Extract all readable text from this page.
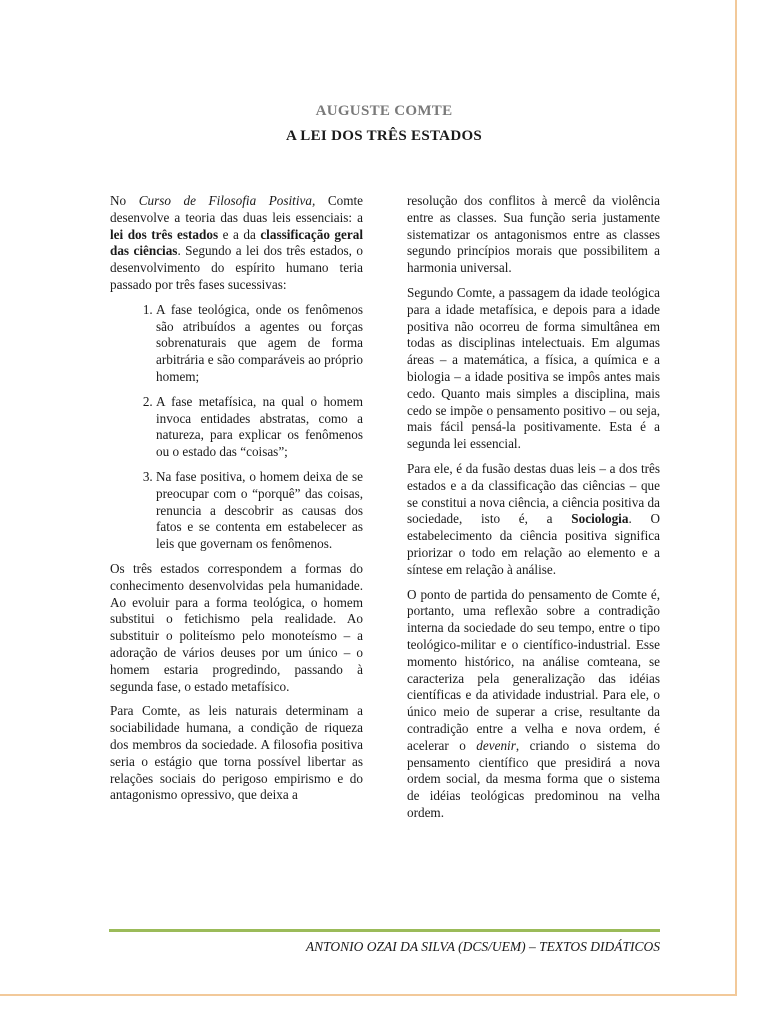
AUGUSTE COMTE
A LEI DOS TRÊS ESTADOS

No Curso de Filosofia Positiva, Comte desenvolve a teoria das duas leis essenciais: a lei dos três estados e a da classificação geral das ciências. Segundo a lei dos três estados, o desenvolvimento do espírito humano teria passado por três fases sucessivas:

1. A fase teológica, onde os fenômenos são atribuídos a agentes ou forças sobrenaturais que agem de forma arbitrária e são comparáveis ao próprio homem;
2. A fase metafísica, na qual o homem invoca entidades abstratas, como a natureza, para explicar os fenômenos ou o estado das “coisas”;
3. Na fase positiva, o homem deixa de se preocupar com o “porquê” das coisas, renuncia a descobrir as causas dos fatos e se contenta em estabelecer as leis que governam os fenômenos.

Os três estados correspondem a formas do conhecimento desenvolvidas pela humanidade. Ao evoluir para a forma teológica, o homem substitui o fetichismo pela realidade. Ao substituir o politeísmo pelo monoteísmo – a adoração de vários deuses por um único – o homem estaria progredindo, passando à segunda fase, o estado metafísico.

Para Comte, as leis naturais determinam a sociabilidade humana, a condição de riqueza dos membros da sociedade. A filosofia positiva seria o estágio que torna possível libertar as relações sociais do perigoso empirismo e do antagonismo opressivo, que deixa a

resolução dos conflitos à mercê da violência entre as classes. Sua função seria justamente sistematizar os antagonismos entre as classes segundo princípios morais que possibilitem a harmonia universal.

Segundo Comte, a passagem da idade teológica para a idade metafísica, e depois para a idade positiva não ocorreu de forma simultânea em todas as disciplinas intelectuais. Em algumas áreas – a matemática, a física, a química e a biologia – a idade positiva se impôs antes mais cedo. Quanto mais simples a disciplina, mais cedo se impõe o pensamento positivo – ou seja, mais fácil pensá-la positivamente. Esta é a segunda lei essencial.

Para ele, é da fusão destas duas leis – a dos três estados e a da classificação das ciências – que se constitui a nova ciência, a ciência positiva da sociedade, isto é, a Sociologia. O estabelecimento da ciência positiva significa priorizar o todo em relação ao elemento e a síntese em relação à análise.

O ponto de partida do pensamento de Comte é, portanto, uma reflexão sobre a contradição interna da sociedade do seu tempo, entre o tipo teológico-militar e o científico-industrial. Esse momento histórico, na análise comteana, se caracteriza pela generalização das idéias científicas e da atividade industrial. Para ele, o único meio de superar a crise, resultante da contradição entre a velha e nova ordem, é acelerar o devenir, criando o sistema do pensamento científico que presidirá a nova ordem social, da mesma forma que o sistema de idéias teológicas predominou na velha ordem.

ANTONIO OZAI DA SILVA (DCS/UEM) – TEXTOS DIDÁTICOS
